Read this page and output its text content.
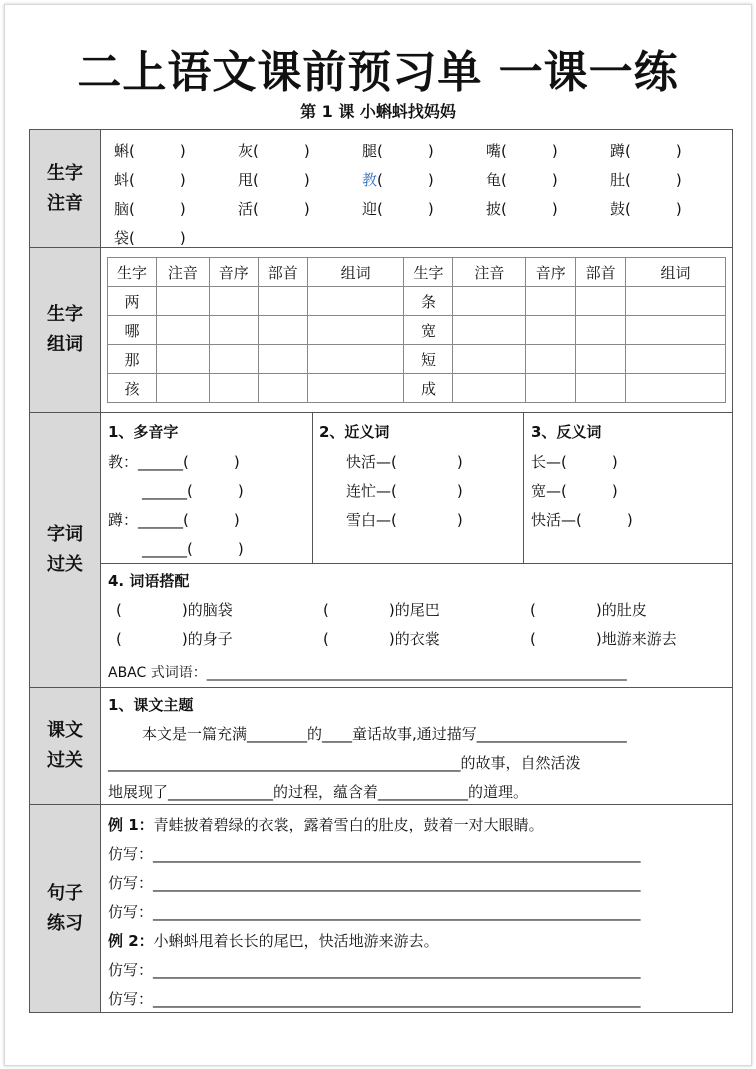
二上语文课前预习单 一课一练
第 1 课 小蝌蚪找妈妈
生字
注音
蝌(　　　)	灰(　　　)	腿(　　　)	嘴(　　　)	蹲(　　　)
蚪(　　　)	甩(　　　)	教(　　　)	龟(　　　)	肚(　　　)
脑(　　　)	活(　　　)	迎(　　　)	披(　　　)	鼓(　　　)
袋(　　　)
生字
组词
生字	注音	音序	部首	组词	生字	注音	音序	部首	组词
两					条				
哪					宽				
那					短				
孩					成				
字词
过关
1、多音字
教：______(　　　)
______(　　　)
蹲：______(　　　)
______(　　　)
2、近义词
快活—(　　　　)
连忙—(　　　　)
雪白—(　　　　)
3、反义词
长—(　　　)
宽—(　　　)
快活—(　　　)
4. 词语搭配
(　　　　)的脑袋	(　　　　)的尾巴	(　　　　)的肚皮
(　　　　)的身子	(　　　　)的衣裳	(　　　　)地游来游去
ABAC 式词语：____________________________________________________________
课文
过关
1、课文主题
本文是一篇充满________的____童话故事,通过描写____________________
_______________________________________________的故事，自然活泼
地展现了______________的过程，蕴含着____________的道理。
句子
练习
例 1：青蛙披着碧绿的衣裳，露着雪白的肚皮，鼓着一对大眼睛。
仿写：_________________________________________________________________
仿写：_________________________________________________________________
仿写：_________________________________________________________________
例 2：小蝌蚪甩着长长的尾巴，快活地游来游去。
仿写：_________________________________________________________________
仿写：_________________________________________________________________
